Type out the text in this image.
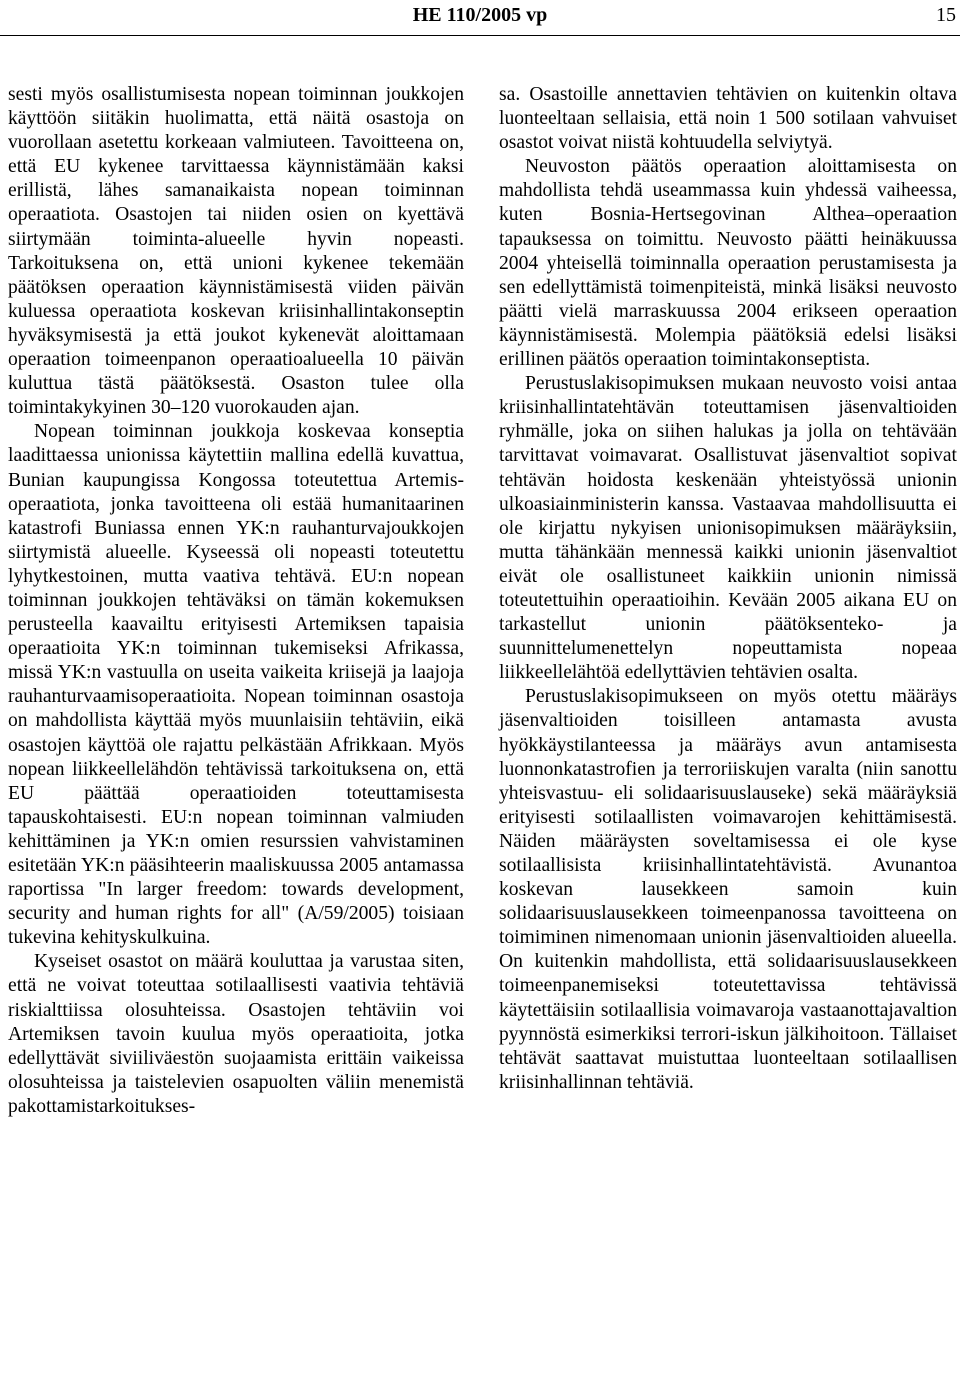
HE 110/2005 vp	15

sesti myös osallistumisesta nopean toiminnan joukkojen käyttöön siitäkin huolimatta, että näitä osastoja on vuorollaan asetettu korkeaan valmiuteen. Tavoitteena on, että EU kykenee tarvittaessa käynnistämään kaksi erillistä, lähes samanaikaista nopean toiminnan operaatiota. Osastojen tai niiden osien on kyettävä siirtymään toiminta-alueelle hyvin nopeasti. Tarkoituksena on, että unioni kykenee tekemään päätöksen operaation käynnistämisestä viiden päivän kuluessa operaatiota koskevan kriisinhallintakonseptin hyväksymisestä ja että joukot kykenevät aloittamaan operaation toimeenpanon operaatioalueella 10 päivän kuluttua tästä päätöksestä. Osaston tulee olla toimintakykyinen 30–120 vuorokauden ajan.

Nopean toiminnan joukkoja koskevaa konseptia laadittaessa unionissa käytettiin mallina edellä kuvattua, Bunian kaupungissa Kongossa toteutettua Artemis-operaatiota, jonka tavoitteena oli estää humanitaarinen katastrofi Buniassa ennen YK:n rauhanturvajoukkojen siirtymistä alueelle. Kyseessä oli nopeasti toteutettu lyhytkestoinen, mutta vaativa tehtävä. EU:n nopean toiminnan joukkojen tehtäväksi on tämän kokemuksen perusteella kaavailtu erityisesti Artemiksen tapaisia operaatioita YK:n toiminnan tukemiseksi Afrikassa, missä YK:n vastuulla on useita vaikeita kriisejä ja laajoja rauhanturvaamisoperaatioita. Nopean toiminnan osastoja on mahdollista käyttää myös muunlaisiin tehtäviin, eikä osastojen käyttöä ole rajattu pelkästään Afrikkaan. Myös nopean liikkeellelähdön tehtävissä tarkoituksena on, että EU päättää operaatioiden toteuttamisesta tapauskohtaisesti. EU:n nopean toiminnan valmiuden kehittäminen ja YK:n omien resurssien vahvistaminen esitetään YK:n pääsihteerin maaliskuussa 2005 antamassa raportissa "In larger freedom: towards development, security and human rights for all" (A/59/2005) toisiaan tukevina kehityskulkuina.

Kyseiset osastot on määrä kouluttaa ja varustaa siten, että ne voivat toteuttaa sotilaallisesti vaativia tehtäviä riskialttiissa olosuhteissa. Osastojen tehtäviin voi Artemiksen tavoin kuulua myös operaatioita, jotka edellyttävät siviiliväestön suojaamista erittäin vaikeissa olosuhteissa ja taistelevien osapuolten väliin menemistä pakottamistarkoitukses-

sa. Osastoille annettavien tehtävien on kuitenkin oltava luonteeltaan sellaisia, että noin 1 500 sotilaan vahvuiset osastot voivat niistä kohtuudella selviytyä.

Neuvoston päätös operaation aloittamisesta on mahdollista tehdä useammassa kuin yhdessä vaiheessa, kuten Bosnia-Hertsegovinan Althea–operaation tapauksessa on toimittu. Neuvosto päätti heinäkuussa 2004 yhteisellä toiminnalla operaation perustamisesta ja sen edellyttämistä toimenpiteistä, minkä lisäksi neuvosto päätti vielä marraskuussa 2004 erikseen operaation käynnistämisestä. Molempia päätöksiä edelsi lisäksi erillinen päätös operaation toimintakonseptista.

Perustuslakisopimuksen mukaan neuvosto voisi antaa kriisinhallintatehtävän toteuttamisen jäsenvaltioiden ryhmälle, joka on siihen halukas ja jolla on tehtävään tarvittavat voimavarat. Osallistuvat jäsenvaltiot sopivat tehtävän hoidosta keskenään yhteistyössä unionin ulkoasiainministerin kanssa. Vastaavaa mahdollisuutta ei ole kirjattu nykyisen unionisopimuksen määräyksiin, mutta tähänkään mennessä kaikki unionin jäsenvaltiot eivät ole osallistuneet kaikkiin unionin nimissä toteutettuihin operaatioihin. Kevään 2005 aikana EU on tarkastellut unionin päätöksenteko- ja suunnittelumenettelyn nopeuttamista nopeaa liikkeellelähtöä edellyttävien tehtävien osalta.

Perustuslakisopimukseen on myös otettu määräys jäsenvaltioiden toisilleen antamasta avusta hyökkäystilanteessa ja määräys avun antamisesta luonnonkatastrofien ja terroriiskujen varalta (niin sanottu yhteisvastuu- eli solidaarisuuslauseke) sekä määräyksiä erityisesti sotilaallisten voimavarojen kehittämisestä. Näiden määräysten soveltamisessa ei ole kyse sotilaallisista kriisinhallintatehtävistä. Avunantoa koskevan lausekkeen samoin kuin solidaarisuuslausekkeen toimeenpanossa tavoitteena on toimiminen nimenomaan unionin jäsenvaltioiden alueella. On kuitenkin mahdollista, että solidaarisuuslausekkeen toimeenpanemiseksi toteutettavissa tehtävissä käytettäisiin sotilaallisia voimavaroja vastaanottajavaltion pyynnöstä esimerkiksi terrori-iskun jälkihoitoon. Tällaiset tehtävät saattavat muistuttaa luonteeltaan sotilaallisen kriisinhallinnan tehtäviä.
